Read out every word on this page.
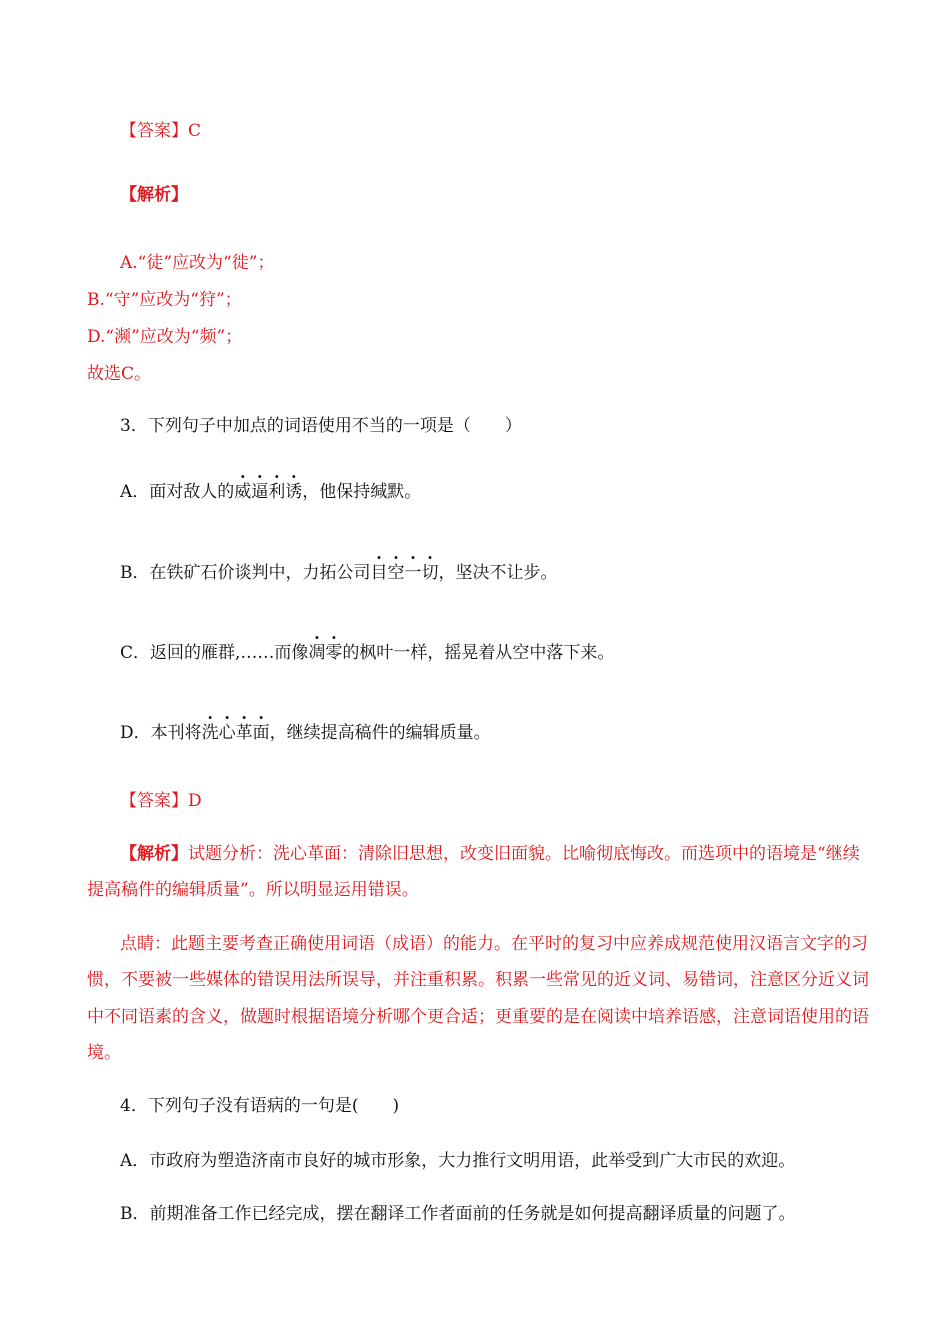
【答案】C
【解析】
A.“徒”应改为“徙”；
B.“守”应改为“狩”；
D.“濒”应改为“频”；
故选C。
3．下列句子中加点的词语使用不当的一项是（　　）
A．面对敌人的威逼利诱，他保持缄默。
B．在铁矿石价谈判中，力拓公司目空一切，坚决不让步。
C．返回的雁群,……而像凋零的枫叶一样，摇晃着从空中落下来。
D．本刊将洗心革面，继续提高稿件的编辑质量。
【答案】D
【解析】试题分析：洗心革面：清除旧思想，改变旧面貌。比喻彻底悔改。而选项中的语境是“继续
提高稿件的编辑质量”。所以明显运用错误。
点睛：此题主要考查正确使用词语（成语）的能力。在平时的复习中应养成规范使用汉语言文字的习
惯，不要被一些媒体的错误用法所误导，并注重积累。积累一些常见的近义词、易错词，注意区分近义词
中不同语素的含义，做题时根据语境分析哪个更合适；更重要的是在阅读中培养语感，注意词语使用的语
境。
4．下列句子没有语病的一句是(　　)
A．市政府为塑造济南市良好的城市形象，大力推行文明用语，此举受到广大市民的欢迎。
B．前期准备工作已经完成，摆在翻译工作者面前的任务就是如何提高翻译质量的问题了。
